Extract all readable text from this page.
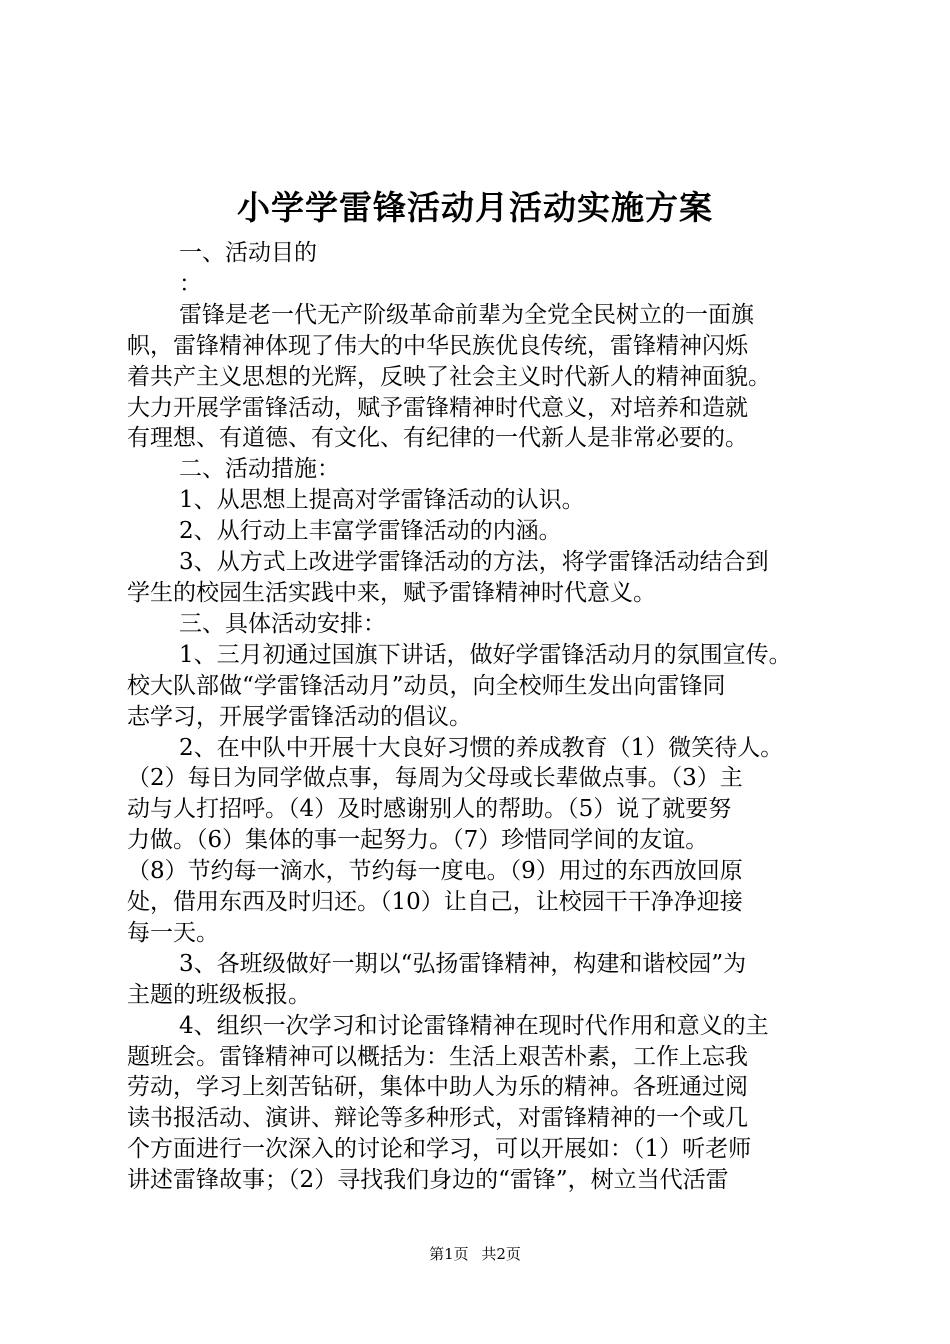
小学学雷锋活动月活动实施方案
一、活动目的
：
雷锋是老一代无产阶级革命前辈为全党全民树立的一面旗
帜，雷锋精神体现了伟大的中华民族优良传统，雷锋精神闪烁
着共产主义思想的光辉，反映了社会主义时代新人的精神面貌。
大力开展学雷锋活动，赋予雷锋精神时代意义，对培养和造就
有理想、有道德、有文化、有纪律的一代新人是非常必要的。
二、活动措施：
1、从思想上提高对学雷锋活动的认识。
2、从行动上丰富学雷锋活动的内涵。
3、从方式上改进学雷锋活动的方法，将学雷锋活动结合到
学生的校园生活实践中来，赋予雷锋精神时代意义。
三、具体活动安排：
1、三月初通过国旗下讲话，做好学雷锋活动月的氛围宣传。
校大队部做“学雷锋活动月”动员，向全校师生发出向雷锋同
志学习，开展学雷锋活动的倡议。
2、在中队中开展十大良好习惯的养成教育（1）微笑待人。
（2）每日为同学做点事，每周为父母或长辈做点事。（3）主
动与人打招呼。（4）及时感谢别人的帮助。（5）说了就要努
力做。（6）集体的事一起努力。（7）珍惜同学间的友谊。
（8）节约每一滴水，节约每一度电。（9）用过的东西放回原
处，借用东西及时归还。（10）让自己，让校园干干净净迎接
每一天。
3、各班级做好一期以“弘扬雷锋精神，构建和谐校园”为
主题的班级板报。
4、组织一次学习和讨论雷锋精神在现时代作用和意义的主
题班会。雷锋精神可以概括为：生活上艰苦朴素，工作上忘我
劳动，学习上刻苦钻研，集体中助人为乐的精神。各班通过阅
读书报活动、演讲、辩论等多种形式，对雷锋精神的一个或几
个方面进行一次深入的讨论和学习，可以开展如：（1）听老师
讲述雷锋故事；（2）寻找我们身边的“雷锋”，树立当代活雷
第1页 共2页
